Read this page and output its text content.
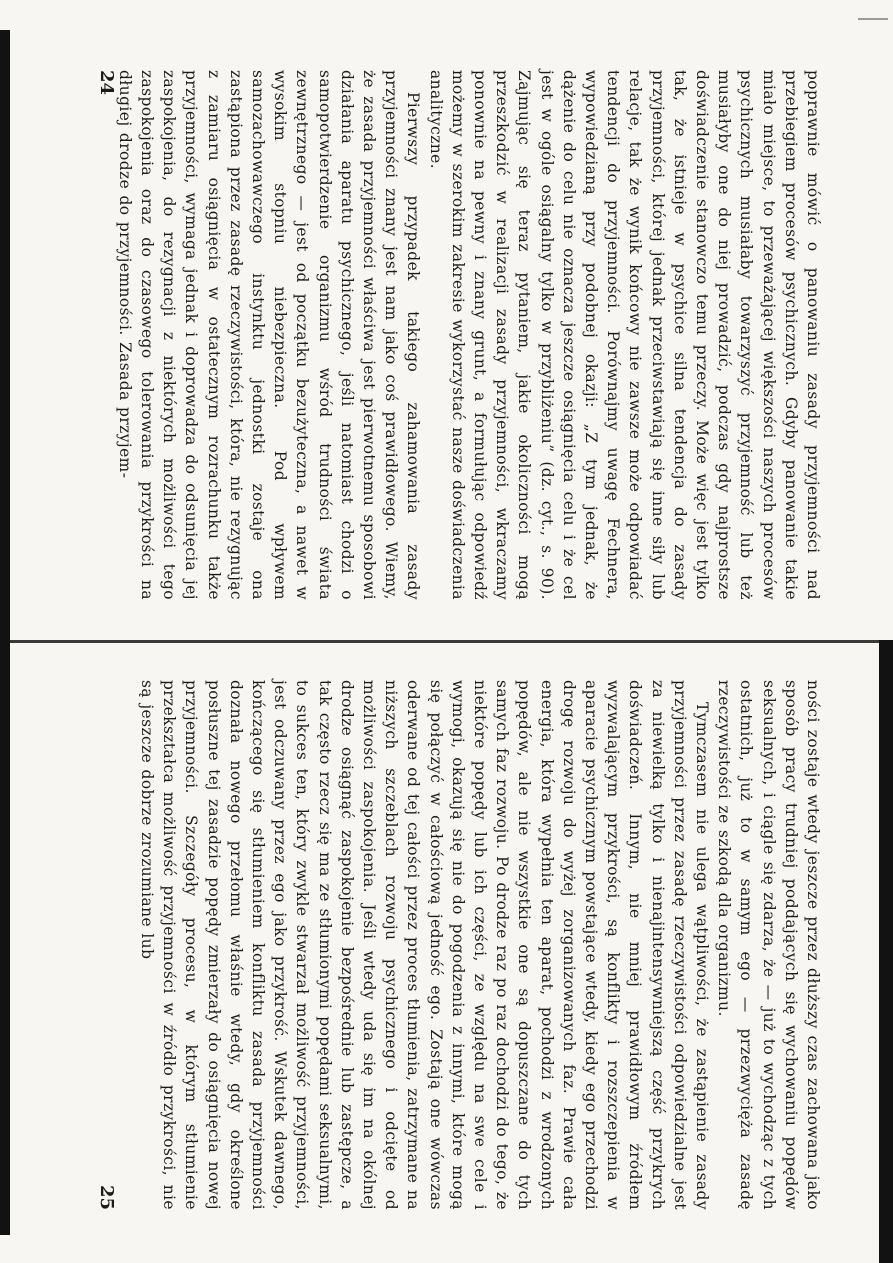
poprawnie mówić o panowaniu zasady przyjemności nad przebiegiem procesów psychicznych. Gdyby panowanie takie miało miejsce, to przeważającej większości naszych procesów psychicznych musiałaby towarzyszyć przyjemność lub też musiałyby one do niej prowadzić, podczas gdy najprostsze doświadczenie stanowczo temu przeczy. Może więc jest tylko tak, że istnieje w psychice silna tendencja do zasady przyjemności, której jednak przeciwstawiają się inne siły lub relacje, tak że wynik końcowy nie zawsze może odpowiadać tendencji do przyjemności. Porównajmy uwagę Fechnera, wypowiedzianą przy podobnej okazji: „Z tym jednak, że dążenie do celu nie oznacza jeszcze osiągnięcia celu i że cel jest w ogóle osiągalny tylko w przybliżeniu” (dz. cyt., s. 90). Zajmując się teraz pytaniem, jakie okoliczności mogą przeszkodzić w realizacji zasady przyjemności, wkraczamy ponownie na pewny i znany grunt, a formułując odpowiedź możemy w szerokim zakresie wykorzystać nasze doświadczenia analityczne.

Pierwszy przypadek takiego zahamowania zasady przyjemności znany jest nam jako coś prawidłowego. Wiemy, że zasada przyjemności właściwa jest pierwotnemu sposobowi działania aparatu psychicznego, jeśli natomiast chodzi o samopotwierdzenie organizmu wśród trudności świata zewnętrznego — jest od początku bezużyteczna, a nawet w wysokim stopniu niebezpieczna. Pod wpływem samozachowawczego instynktu jednostki zostaje ona zastąpiona przez zasadę rzeczywistości, która, nie rezygnując z zamiaru osiągnięcia w ostatecznym rozrachunku także przyjemności, wymaga jednak i doprowadza do odsunięcia jej zaspokojenia, do rezygnacji z niektórych możliwości tego zaspokojenia oraz do czasowego tolerowania przykrości na długiej drodze do przyjemności. Zasada przyjem-

24

ności zostaje wtedy jeszcze przez dłuższy czas zachowana jako sposób pracy trudniej poddających się wychowaniu popędów seksualnych, i ciągle się zdarza, że — już to wychodząc z tych ostatnich, już to w samym ego — przezwycięża zasadę rzeczywistości ze szkodą dla organizmu.

Tymczasem nie ulega wątpliwości, że zastąpienie zasady przyjemności przez zasadę rzeczywistości odpowiedzialne jest za niewielką tylko i nienajintensywniejszą część przykrych doświadczeń. Innym, nie mniej prawidłowym źródłem wyzwalającym przykrości, są konflikty i rozszczepienia w aparacie psychicznym powstające wtedy, kiedy ego przechodzi drogę rozwoju do wyżej zorganizowanych faz. Prawie cała energia, która wypełnia ten aparat, pochodzi z wrodzonych popędów, ale nie wszystkie one są dopuszczane do tych samych faz rozwoju. Po drodze raz po raz dochodzi do tego, że niektóre popędy lub ich części, ze względu na swe cele i wymogi, okazują się nie do pogodzenia z innymi, które mogą się połączyć w całościową jedność ego. Zostają one wówczas oderwane od tej całości przez proces tłumienia, zatrzymane na niższych szczeblach rozwoju psychicznego i odcięte od możliwości zaspokojenia. Jeśli wtedy uda się im na okólnej drodze osiągnąć zaspokojenie bezpośrednie lub zastępcze, a tak często rzecz się ma ze stłumionymi popędami seksualnymi, to sukces ten, który zwykle stwarzał możliwość przyjemności, jest odczuwany przez ego jako przykrość. Wskutek dawnego, kończącego się stłumieniem konfliktu zasada przyjemności doznała nowego przełomu właśnie wtedy, gdy określone posłuszne tej zasadzie popędy zmierzały do osiągnięcia nowej przyjemności. Szczegóły procesu, w którym stłumienie przekształca możliwość przyjemności w źródło przykrości, nie są jeszcze dobrze zrozumiane lub

25
